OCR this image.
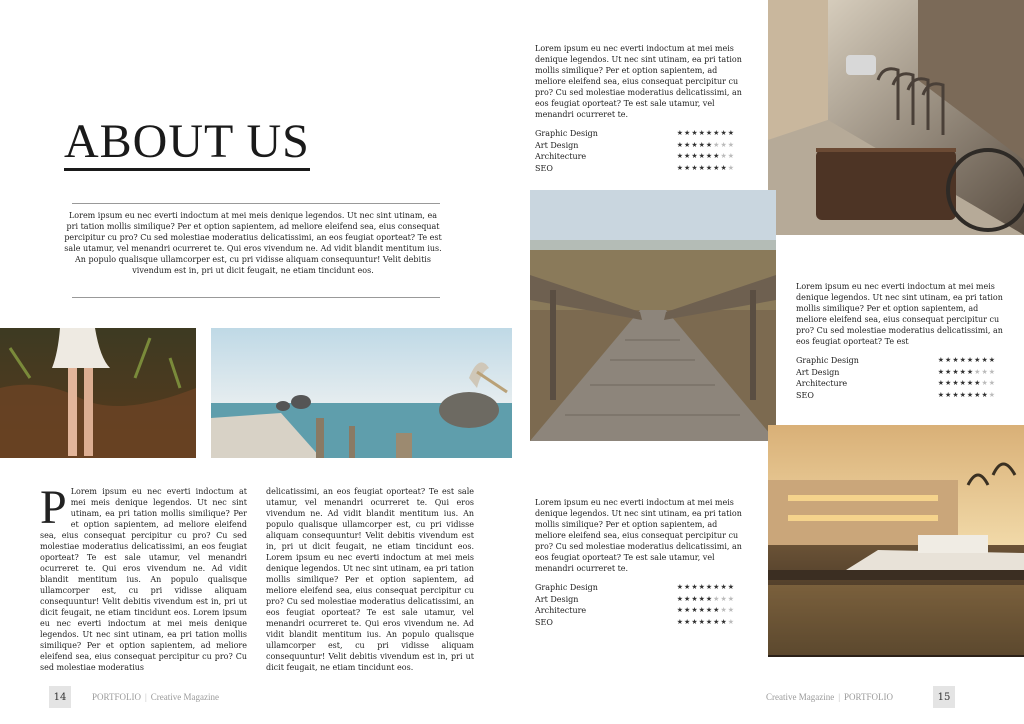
ABOUT US
Lorem ipsum eu nec everti indoctum at mei meis denique legendos. Ut nec sint utinam, ea pri tation mollis similique? Per et option sapientem, ad meliore eleifend sea, eius consequat percipitur cu pro? Cu sed molestiae moderatius delicatissimi, an eos feugiat oporteat? Te est sale utamur, vel menandri ocurreret te. Qui eros vivendum ne. Ad vidit blandit mentitum ius. An populo qualisque ullamcorper est, cu pri vidisse aliquam consequuntur! Velit debitis vivendum est in, pri ut dicit feugait, ne etiam tincidunt eos.
P Lorem ipsum eu nec everti indoctum at mei meis denique legendos. Ut nec sint utinam, ea pri tation mollis similique? Per et option sapientem, ad meliore eleifend sea, eius consequat percipitur cu pro? Cu sed molestiae moderatius delicatissimi, an eos feugiat oporteat? Te est sale utamur, vel menandri ocurreret te. Qui eros vivendum ne. Ad vidit blandit mentitum ius. An populo qualisque ullamcorper est, cu pri vidisse aliquam consequuntur! Velit debitis vivendum est in, pri ut dicit feugait, ne etiam tincidunt eos. Lorem ipsum eu nec everti indoctum at mei meis denique legendos. Ut nec sint utinam, ea pri tation mollis similique? Per et option sapientem, ad meliore eleifend sea, eius consequat percipitur cu pro? Cu sed molestiae moderatius
delicatissimi, an eos feugiat oporteat? Te est sale utamur, vel menandri ocurreret te. Qui eros vivendum ne. Ad vidit blandit mentitum ius. An populo qualisque ullamcorper est, cu pri vidisse aliquam consequuntur! Velit debitis vivendum est in, pri ut dicit feugait, ne etiam tincidunt eos. Lorem ipsum eu nec everti indoctum at mei meis denique legendos. Ut nec sint utinam, ea pri tation mollis similique? Per et option sapientem, ad meliore eleifend sea, eius consequat percipitur cu pro? Cu sed molestiae moderatius delicatissimi, an eos feugiat oporteat? Te est sale utamur, vel menandri ocurreret te. Qui eros vivendum ne. Ad vidit blandit mentitum ius. An populo qualisque ullamcorper est, cu pri vidisse aliquam consequuntur! Velit debitis vivendum est in, pri ut dicit feugait, ne etiam tincidunt eos.
Lorem ipsum eu nec everti indoctum at mei meis denique legendos. Ut nec sint utinam, ea pri tation mollis similique? Per et option sapientem, ad meliore eleifend sea, eius consequat percipitur cu pro? Cu sed molestiae moderatius delicatissimi, an eos feugiat oporteat? Te est sale utamur, vel menandri ocurreret te.
Graphic Design	★★★★★★★★
Art Design	★★★★★★★★
Architecture	★★★★★★★★
SEO	★★★★★★★★
Lorem ipsum eu nec everti indoctum at mei meis denique legendos. Ut nec sint utinam, ea pri tation mollis similique? Per et option sapientem, ad meliore eleifend sea, eius consequat percipitur cu pro? Cu sed molestiae moderatius delicatissimi, an eos feugiat oporteat? Te est
Graphic Design	★★★★★★★★
Art Design	★★★★★★★★
Architecture	★★★★★★★★
SEO	★★★★★★★★
Lorem ipsum eu nec everti indoctum at mei meis denique legendos. Ut nec sint utinam, ea pri tation mollis similique? Per et option sapientem, ad meliore eleifend sea, eius consequat percipitur cu pro? Cu sed molestiae moderatius delicatissimi, an eos feugiat oporteat? Te est sale utamur, vel menandri ocurreret te.
Graphic Design	★★★★★★★★
Art Design	★★★★★★★★
Architecture	★★★★★★★★
SEO	★★★★★★★★
14	PORTFOLIO | Creative Magazine	Creative Magazine | PORTFOLIO	15
